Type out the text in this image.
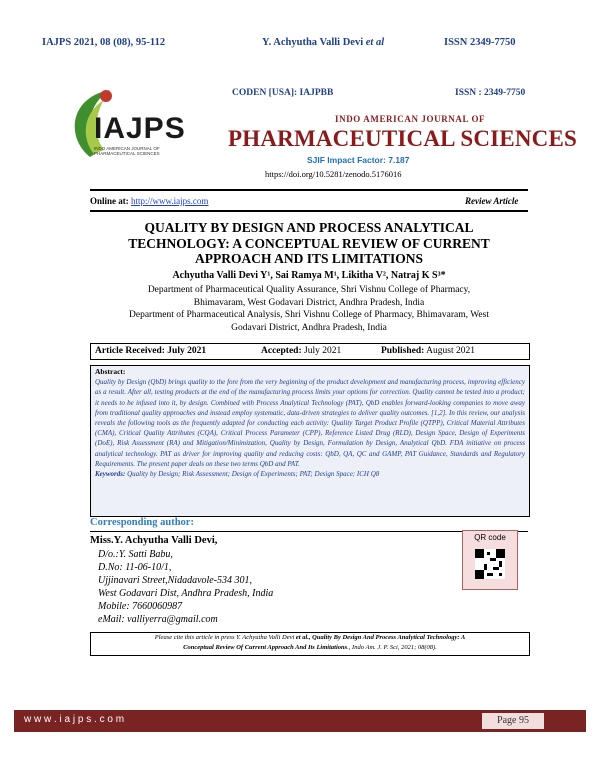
IAJPS 2021, 08 (08), 95-112	Y. Achyutha Valli Devi et al	ISSN 2349-7750
IAJPS
INDO AMERICAN JOURNAL OF PHARMACEUTICAL SCIENCES
CODEN [USA]: IAJPBB	ISSN : 2349-7750
INDO AMERICAN JOURNAL OF
PHARMACEUTICAL SCIENCES
SJIF Impact Factor: 7.187
https://doi.org/10.5281/zenodo.5176016
Online at: http://www.iajps.com	Review Article
QUALITY BY DESIGN AND PROCESS ANALYTICAL
TECHNOLOGY: A CONCEPTUAL REVIEW OF CURRENT
APPROACH AND ITS LIMITATIONS
Achyutha Valli Devi Y¹, Sai Ramya M¹, Likitha V², Natraj K S³*
Department of Pharmaceutical Quality Assurance, Shri Vishnu College of Pharmacy,
Bhimavaram, West Godavari District, Andhra Pradesh, India
Department of Pharmaceutical Analysis, Shri Vishnu College of Pharmacy, Bhimavaram, West
Godavari District, Andhra Pradesh, India
Article Received: July 2021	Accepted: July 2021	Published: August 2021

Abstract:

Quality by Design (QbD) brings quality to the fore from the very beginning of the product development and manufacturing process, improving efficiency as a result. After all, testing products at the end of the manufacturing process limits your options for correction. Quality cannot be tested into a product; it needs to be infused into it, by design. Combined with Process Analytical Technology (PAT), QbD enables forward-looking companies to move away from traditional quality approaches and instead employ systematic, data-driven strategies to deliver quality outcomes. [1,2]. In this review, our analysis reveals the following tools as the frequently adapted for conducting each activity: Quality Target Product Profile (QTPP), Critical Material Attributes (CMA), Critical Quality Attributes (CQA), Critical Process Parameter (CPP), Reference Listed Drug (RLD), Design Space, Design of Experiments (DoE), Risk Assessment (RA) and Mitigation/Minimization, Quality by Design, Formulation by Design, Analytical QbD. FDA initiative on process analytical technology. PAT as driver for improving quality and reducing costs: QbD, QA, QC and GAMP, PAT Guidance, Standards and Regulatory Requirements. The present paper deals on these two terms QbD and PAT.

Keywords: Quality by Design; Risk Assessment; Design of Experiments; PAT; Design Space; ICH Q8

Corresponding author:
Miss.Y. Achyutha Valli Devi,
D/o.:Y. Satti Babu,
D.No: 11-06-10/1,
Ujjinavari Street,Nidadavole-534 301,
West Godavari Dist, Andhra Pradesh, India
Mobile: 7660060987
eMail: valliyerra@gmail.com
QR code
Please cite this article in press Y. Achyutha Valli Devi et al., Quality By Design And Process Analytical Technology: A
Conceptual Review Of Current Approach And Its Limitations., Indo Am. J. P. Sci, 2021; 08(08).
w w w . i a j p s . c o m	Page 95
